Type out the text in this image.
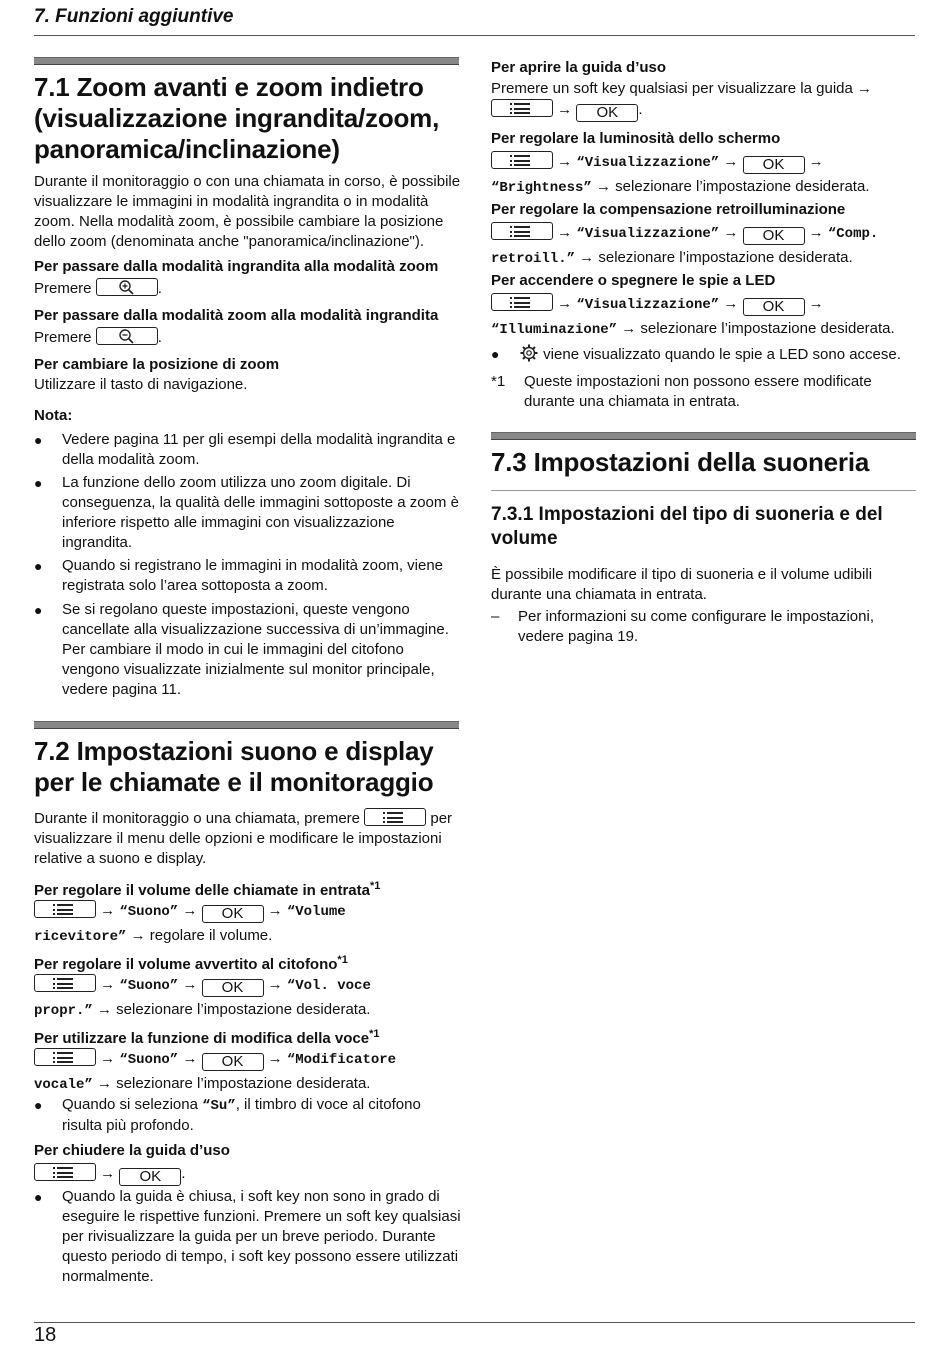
7. Funzioni aggiuntive
7.1 Zoom avanti e zoom indietro (visualizzazione ingrandita/zoom, panoramica/inclinazione)
Durante il monitoraggio o con una chiamata in corso, è possibile visualizzare le immagini in modalità ingrandita o in modalità zoom. Nella modalità zoom, è possibile cambiare la posizione dello zoom (denominata anche "panoramica/inclinazione").
Per passare dalla modalità ingrandita alla modalità zoom
Premere	.
Per passare dalla modalità zoom alla modalità ingrandita
Premere	.
Per cambiare la posizione di zoom
Utilizzare il tasto di navigazione.
Nota:
●	Vedere pagina 11 per gli esempi della modalità ingrandita e della modalità zoom.
●	La funzione dello zoom utilizza uno zoom digitale. Di conseguenza, la qualità delle immagini sottoposte a zoom è inferiore rispetto alle immagini con visualizzazione ingrandita.
●	Quando si registrano le immagini in modalità zoom, viene registrata solo l’area sottoposta a zoom.
●	Se si regolano queste impostazioni, queste vengono cancellate alla visualizzazione successiva di un’immagine. Per cambiare il modo in cui le immagini del citofono vengono visualizzate inizialmente sul monitor principale, vedere pagina 11.
7.2 Impostazioni suono e display per le chiamate e il monitoraggio
Durante il monitoraggio o una chiamata, premere	per visualizzare il menu delle opzioni e modificare le impostazioni relative a suono e display.
Per regolare il volume delle chiamate in entrata$^{*1}$
→ “Suono” → OK → “Volume
ricevitore” → regolare il volume.
Per regolare il volume avvertito al citofono$^{*1}$
→ “Suono” → OK → “Vol. voce
propr.” → selezionare l’impostazione desiderata.
Per utilizzare la funzione di modifica della voce$^{*1}$
→ “Suono” → OK → “Modificatore
vocale” → selezionare l’impostazione desiderata.
●	Quando si seleziona “Su”, il timbro di voce al citofono risulta più profondo.
Per chiudere la guida d’uso
→ OK .
●	Quando la guida è chiusa, i soft key non sono in grado di eseguire le rispettive funzioni. Premere un soft key qualsiasi per rivisualizzare la guida per un breve periodo. Durante questo periodo di tempo, i soft key possono essere utilizzati normalmente.
Per aprire la guida d’uso
Premere un soft key qualsiasi per visualizzare la guida →

→ OK .
Per regolare la luminosità dello schermo
→ “Visualizzazione” → OK →
“Brightness” → selezionare l’impostazione desiderata.
Per regolare la compensazione retroilluminazione
→ “Visualizzazione” → OK → “Comp.
retroill.” → selezionare l’impostazione desiderata.
Per accendere o spegnere le spie a LED
→ “Visualizzazione” → OK →
“Illuminazione” → selezionare l’impostazione desiderata.
●	viene visualizzato quando le spie a LED sono accese.
*1 Queste impostazioni non possono essere modificate durante una chiamata in entrata.
7.3 Impostazioni della suoneria
7.3.1 Impostazioni del tipo di suoneria e del volume
È possibile modificare il tipo di suoneria e il volume udibili durante una chiamata in entrata.
– Per informazioni su come configurare le impostazioni, vedere pagina 19.
18
